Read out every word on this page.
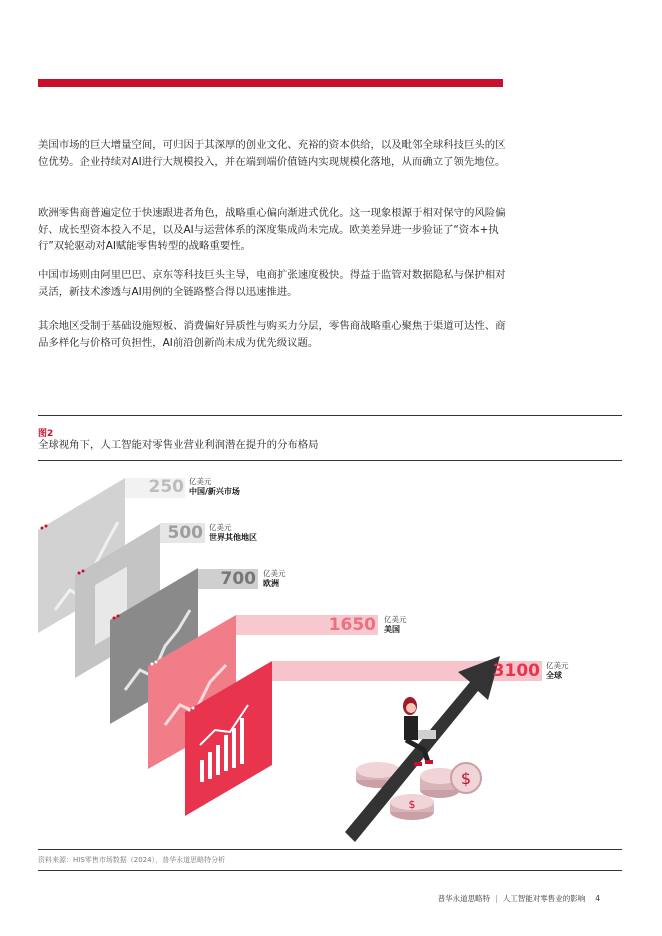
美国市场的巨大增量空间，可归因于其深厚的创业文化、充裕的资本供给，以及毗邻全球科技巨头的区位优势。企业持续对AI进行大规模投入，并在端到端价值链内实现规模化落地，从而确立了领先地位。

欧洲零售商普遍定位于快速跟进者角色，战略重心偏向渐进式优化。这一现象根源于相对保守的风险偏好、成长型资本投入不足，以及AI与运营体系的深度集成尚未完成。欧美差异进一步验证了“资本+执行”双轮驱动对AI赋能零售转型的战略重要性。

中国市场则由阿里巴巴、京东等科技巨头主导，电商扩张速度极快。得益于监管对数据隐私与保护相对灵活，新技术渗透与AI用例的全链路整合得以迅速推进。

其余地区受制于基础设施短板、消费偏好异质性与购买力分层，零售商战略重心聚焦于渠道可达性、商品多样化与价格可负担性，AI前沿创新尚未成为优先级议题。

图2
全球视角下，人工智能对零售业营业利润潜在提升的分布格局
$
$
250 亿美元
中国/新兴市场
500 亿美元
世界其他地区
700 亿美元
欧洲
1650 亿美元
美国
3100 亿美元
全球
资料来源：HIS零售市场数据（2024），普华永道思略特分析
普华永道思略特 | 人工智能对零售业的影响 4
